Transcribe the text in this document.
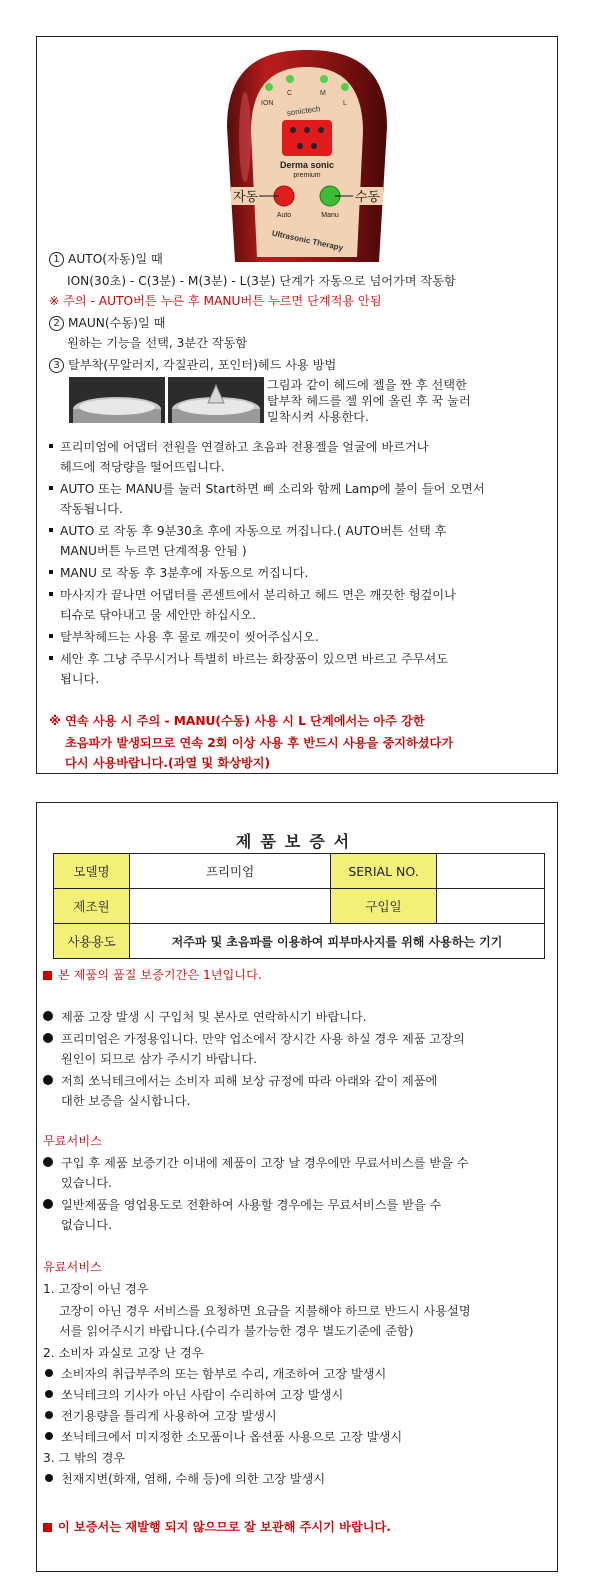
ION
C	M
L
sonictech
Derma sonic
premium
Auto	Manu
자동	수동
Ultrasonic Therapy
1 AUTO(자동)일 때
ION(30초) - C(3분) - M(3분) - L(3분) 단계가 자동으로 넘어가며 작동함
※ 주의 - AUTO버튼 누른 후 MANU버튼 누르면 단계적용 안됨
2 MAUN(수동)일 때
원하는 기능을 선택, 3분간 작동함
3 탈부착(무알러지, 각질관리, 포인터)헤드 사용 방법
그림과 같이 헤드에 젤을 짠 후 선택한
탈부착 헤드를 젤 위에 올린 후 꾹 눌러
밀착시켜 사용한다.
프리미엄에 어댑터 전원을 연결하고 초음파 전용젤을 얼굴에 바르거나
헤드에 적당량을 떨어뜨립니다.
AUTO 또는 MANU를 눌러 Start하면 삐 소리와 함께 Lamp에 불이 들어 오면서
작동됩니다.
AUTO 로 작동 후 9분30초 후에 자동으로 꺼집니다.( AUTO버튼 선택 후
MANU버튼 누르면 단계적용 안됨 )
MANU 로 작동 후 3분후에 자동으로 꺼집니다.
마사지가 끝나면 어댑터를 콘센트에서 분리하고 헤드 면은 깨끗한 헝겊이나
티슈로 닦아내고 물 세안만 하십시오.
탈부착헤드는 사용 후 물로 깨끗이 씻어주십시오.
세안 후 그냥 주무시거나 특별히 바르는 화장품이 있으면 바르고 주무셔도
됩니다.
※ 연속 사용 시 주의 - MANU(수동) 사용 시 L 단계에서는 아주 강한
초음파가 발생되므로 연속 2회 이상 사용 후 반드시 사용을 중지하셨다가
다시 사용바랍니다.(과열 및 화상방지)
제품보증서
모델명	프리미엄	SERIAL NO.	
제조원		구입일	
사용용도	저주파 및 초음파를 이용하여 피부마사지를 위해 사용하는 기기		
본 제품의 품질 보증기간은 1년입니다.
제품 고장 발생 시 구입처 및 본사로 연락하시기 바랍니다.
프리미엄은 가정용입니다. 만약 업소에서 장시간 사용 하실 경우 제품 고장의
원인이 되므로 삼가 주시기 바랍니다.
저희 쏘닉테크에서는 소비자 피해 보상 규정에 따라 아래와 같이 제품에
대한 보증을 실시합니다.
무료서비스
구입 후 제품 보증기간 이내에 제품이 고장 날 경우에만 무료서비스를 받을 수
있습니다.
일반제품을 영업용도로 전환하여 사용할 경우에는 무료서비스를 받을 수
없습니다.
유료서비스
1. 고장이 아닌 경우
고장이 아닌 경우 서비스를 요청하면 요금을 지불해야 하므로 반드시 사용설명
서를 읽어주시기 바랍니다.(수리가 불가능한 경우 별도기준에 준함)
2. 소비자 과실로 고장 난 경우
소비자의 취급부주의 또는 함부로 수리, 개조하여 고장 발생시
쏘닉테크의 기사가 아닌 사람이 수리하여 고장 발생시
전기용량을 틀리게 사용하여 고장 발생시
쏘닉테크에서 미지정한 소모품이나 옵션품 사용으로 고장 발생시
3. 그 밖의 경우
천재지변(화재, 염해, 수해 등)에 의한 고장 발생시
이 보증서는 재발행 되지 않으므로 잘 보관해 주시기 바랍니다.
